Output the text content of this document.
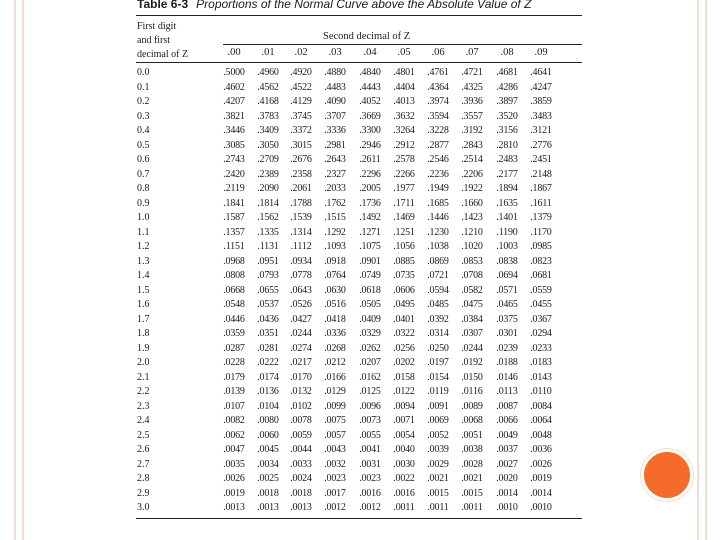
Table 6-3 Proportions of the Normal Curve above the Absolute Value of Z
First digit
and first
decimal of Z
Second decimal of Z
.00	.01	.02	.03	.04	.05	.06	.07	.08	.09
0.0	.5000	.4960	.4920	.4880	.4840	.4801	.4761	.4721	.4681	.4641
0.1	.4602	.4562	.4522	.4483	.4443	.4404	.4364	.4325	.4286	.4247
0.2	.4207	.4168	.4129	.4090	.4052	.4013	.3974	.3936	.3897	.3859
0.3	.3821	.3783	.3745	.3707	.3669	.3632	.3594	.3557	.3520	.3483
0.4	.3446	.3409	.3372	.3336	.3300	.3264	.3228	.3192	.3156	.3121
0.5	.3085	.3050	.3015	.2981	.2946	.2912	.2877	.2843	.2810	.2776
0.6	.2743	.2709	.2676	.2643	.2611	.2578	.2546	.2514	.2483	.2451
0.7	.2420	.2389	.2358	.2327	.2296	.2266	.2236	.2206	.2177	.2148
0.8	.2119	.2090	.2061	.2033	.2005	.1977	.1949	.1922	.1894	.1867
0.9	.1841	.1814	.1788	.1762	.1736	.1711	.1685	.1660	.1635	.1611
1.0	.1587	.1562	.1539	.1515	.1492	.1469	.1446	.1423	.1401	.1379
1.1	.1357	.1335	.1314	.1292	.1271	.1251	.1230	.1210	.1190	.1170
1.2	.1151	.1131	.1112	.1093	.1075	.1056	.1038	.1020	.1003	.0985
1.3	.0968	.0951	.0934	.0918	.0901	.0885	.0869	.0853	.0838	.0823
1.4	.0808	.0793	.0778	.0764	.0749	.0735	.0721	.0708	.0694	.0681
1.5	.0668	.0655	.0643	.0630	.0618	.0606	.0594	.0582	.0571	.0559
1.6	.0548	.0537	.0526	.0516	.0505	.0495	.0485	.0475	.0465	.0455
1.7	.0446	.0436	.0427	.0418	.0409	.0401	.0392	.0384	.0375	.0367
1.8	.0359	.0351	.0244	.0336	.0329	.0322	.0314	.0307	.0301	.0294
1.9	.0287	.0281	.0274	.0268	.0262	.0256	.0250	.0244	.0239	.0233
2.0	.0228	.0222	.0217	.0212	.0207	.0202	.0197	.0192	.0188	.0183
2.1	.0179	.0174	.0170	.0166	.0162	.0158	.0154	.0150	.0146	.0143
2.2	.0139	.0136	.0132	.0129	.0125	.0122	.0119	.0116	.0113	.0110
2.3	.0107	.0104	.0102	.0099	.0096	.0094	.0091	.0089	.0087	.0084
2.4	.0082	.0080	.0078	.0075	.0073	.0071	.0069	.0068	.0066	.0064
2.5	.0062	.0060	.0059	.0057	.0055	.0054	.0052	.0051	.0049	.0048
2.6	.0047	.0045	.0044	.0043	.0041	.0040	.0039	.0038	.0037	.0036
2.7	.0035	.0034	.0033	.0032	.0031	.0030	.0029	.0028	.0027	.0026
2.8	.0026	.0025	.0024	.0023	.0023	.0022	.0021	.0021	.0020	.0019
2.9	.0019	.0018	.0018	.0017	.0016	.0016	.0015	.0015	.0014	.0014
3.0	.0013	.0013	.0013	.0012	.0012	.0011	.0011	.0011	.0010	.0010
